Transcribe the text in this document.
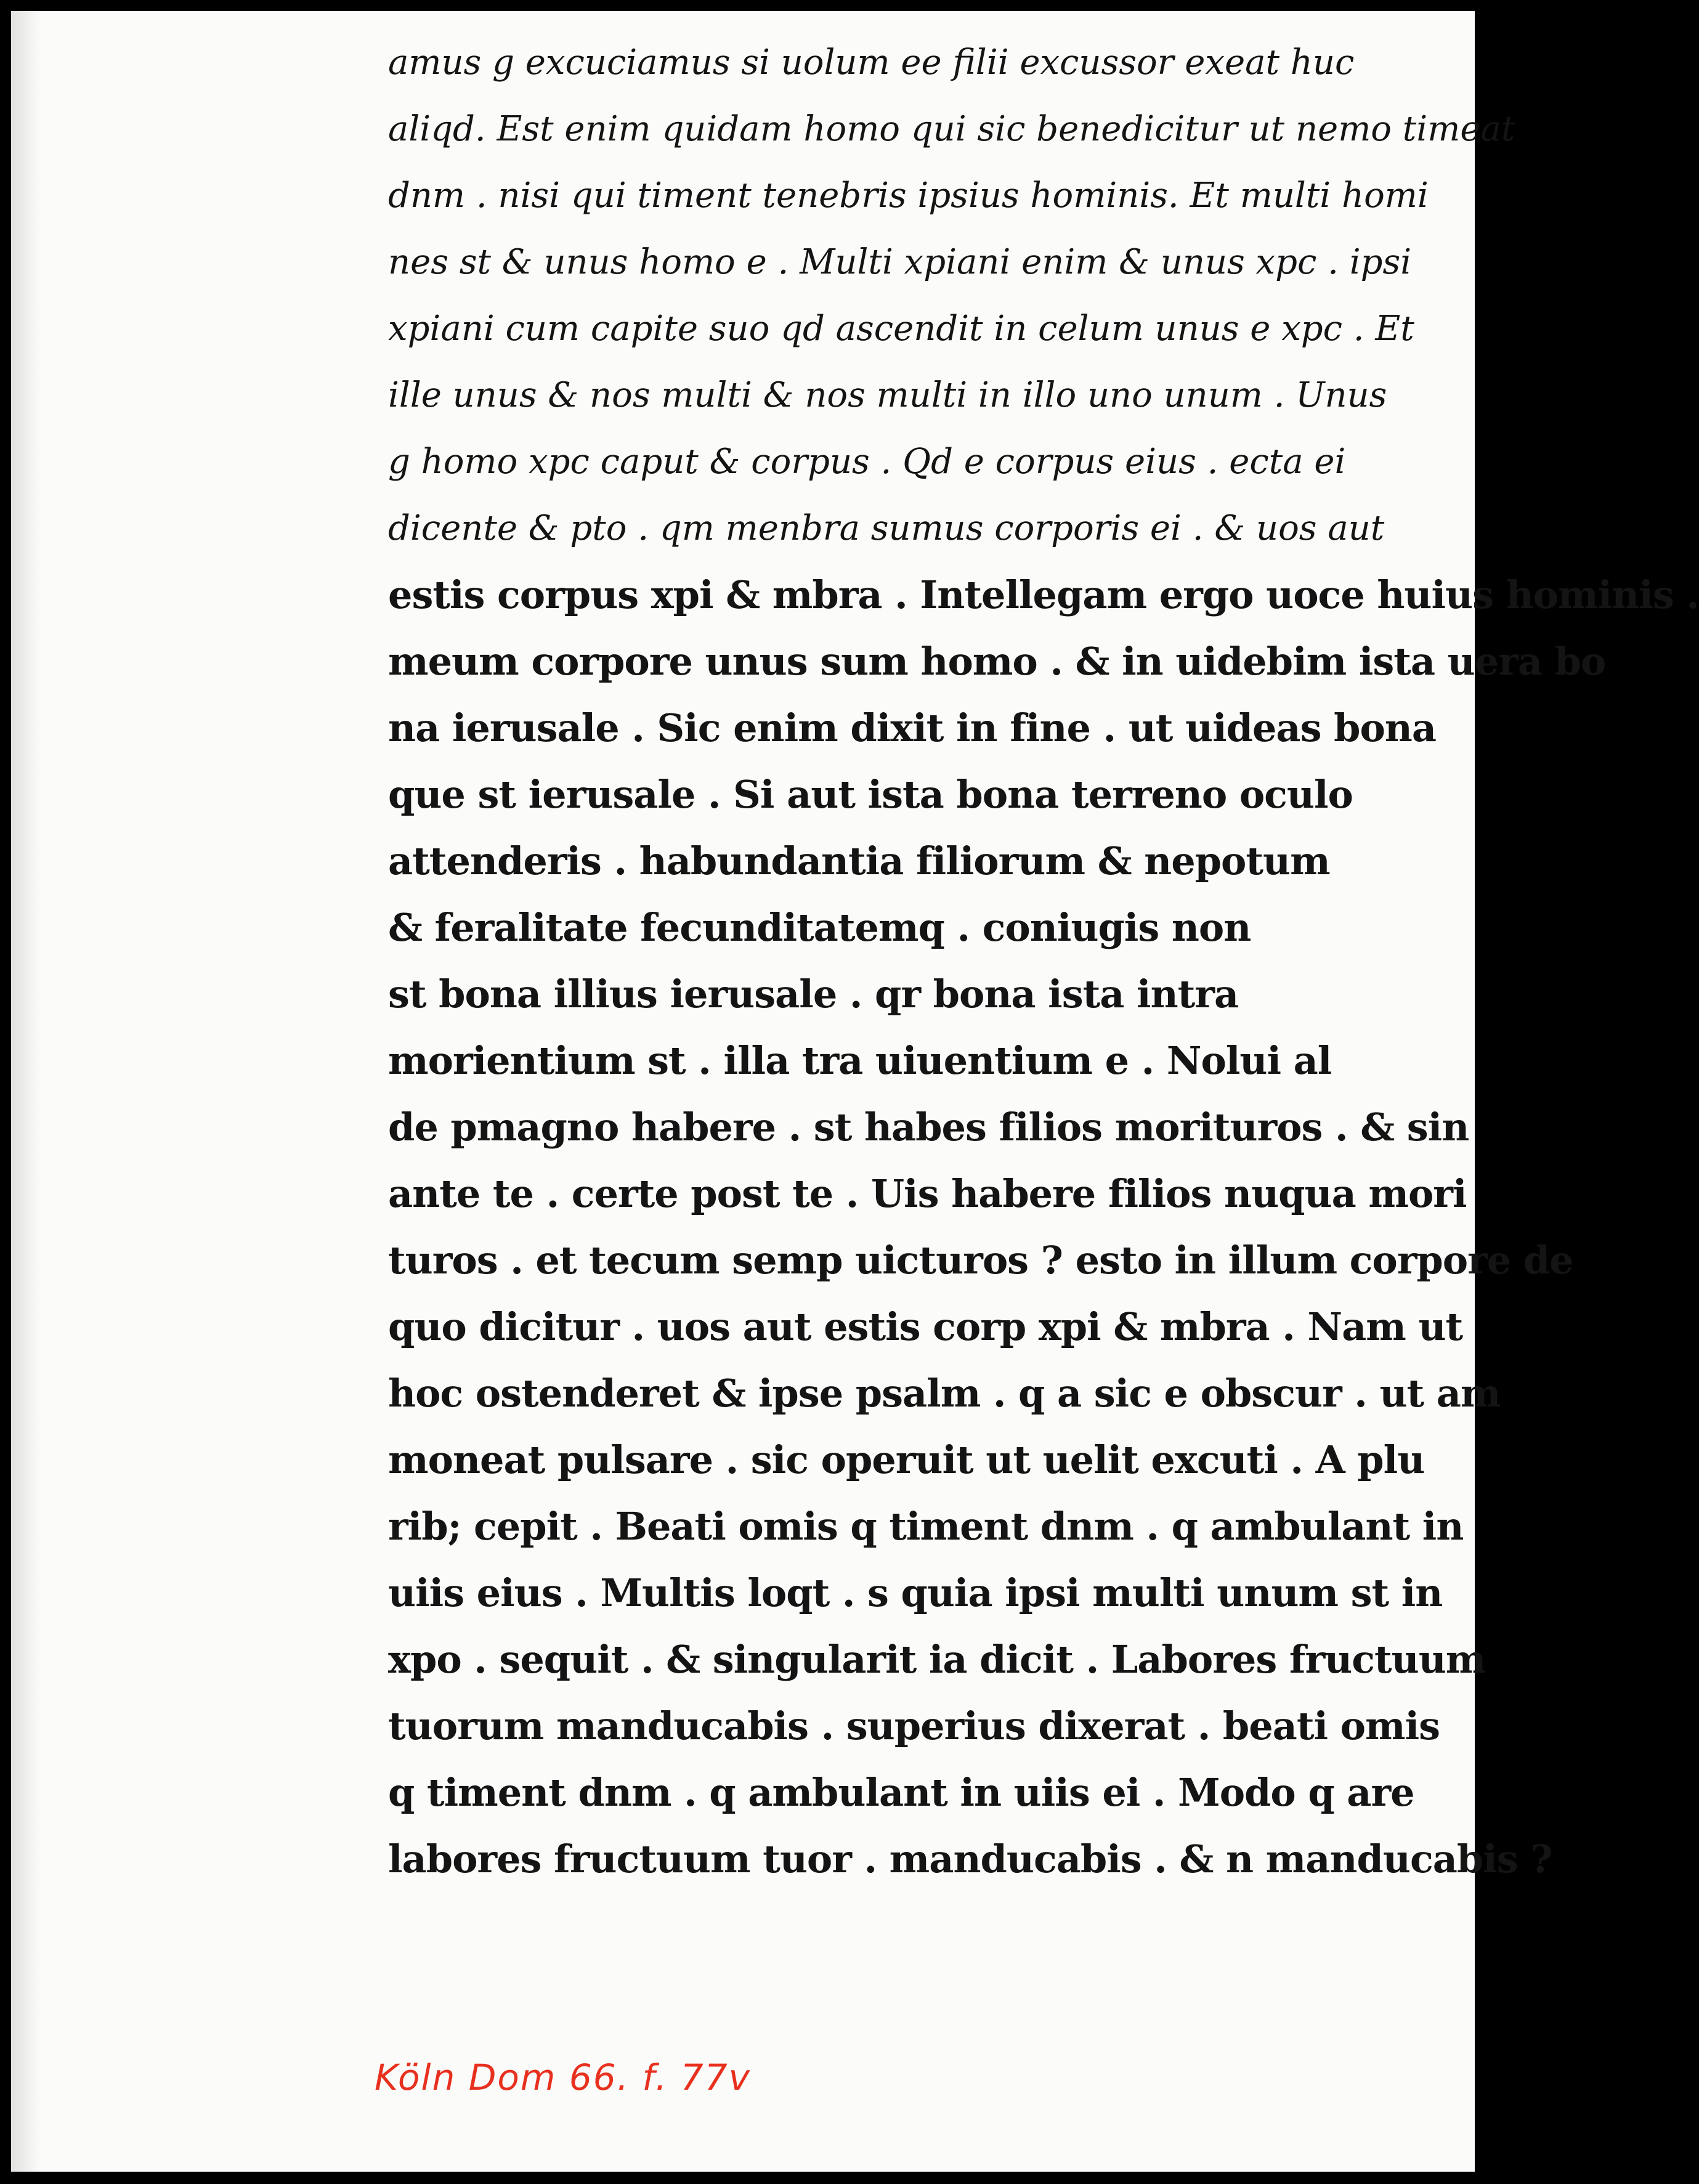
amus g excuciamus si uolum ee filii excussor exeat huc
aliqd. Est enim quidam homo qui sic benedicitur ut nemo timeat
dnm . nisi qui timent tenebris ipsius hominis. Et multi homi
nes st & unus homo e . Multi xpiani enim & unus xpc . ipsi
xpiani cum capite suo qd ascendit in celum unus e xpc . Et
ille unus & nos multi & nos multi in illo uno unum . Unus
g homo xpc caput & corpus . Qd e corpus eius . ecta ei
dicente & pto . qm menbra sumus corporis ei . & uos aut
estis corpus xpi & mbra . Intellegam ergo uoce huius hominis .
meum corpore unus sum homo . & in uidebim ista uera bo
na ierusale . Sic enim dixit in fine . ut uideas bona
que st ierusale . Si aut ista bona terreno oculo
attenderis . habundantia filiorum & nepotum
& feralitate fecunditatemq . coniugis non
st bona illius ierusale . qr bona ista intra
morientium st . illa tra uiuentium e . Nolui al
de pmagno habere . st habes filios morituros . & sin
ante te . certe post te . Uis habere filios nuqua mori
turos . et tecum semp uicturos ? esto in illum corpore de
quo dicitur . uos aut estis corp xpi & mbra . Nam ut
hoc ostenderet & ipse psalm . q a sic e obscur . ut am
moneat pulsare . sic operuit ut uelit excuti . A plu
rib; cepit . Beati omis q timent dnm . q ambulant in
uiis eius . Multis loqt . s quia ipsi multi unum st in
xpo . sequit . & singularit ia dicit . Labores fructuum
tuorum manducabis . superius dixerat . beati omis
q timent dnm . q ambulant in uiis ei . Modo q are
labores fructuum tuor . manducabis . & n manducabis ?
Köln Dom 66. f. 77v
